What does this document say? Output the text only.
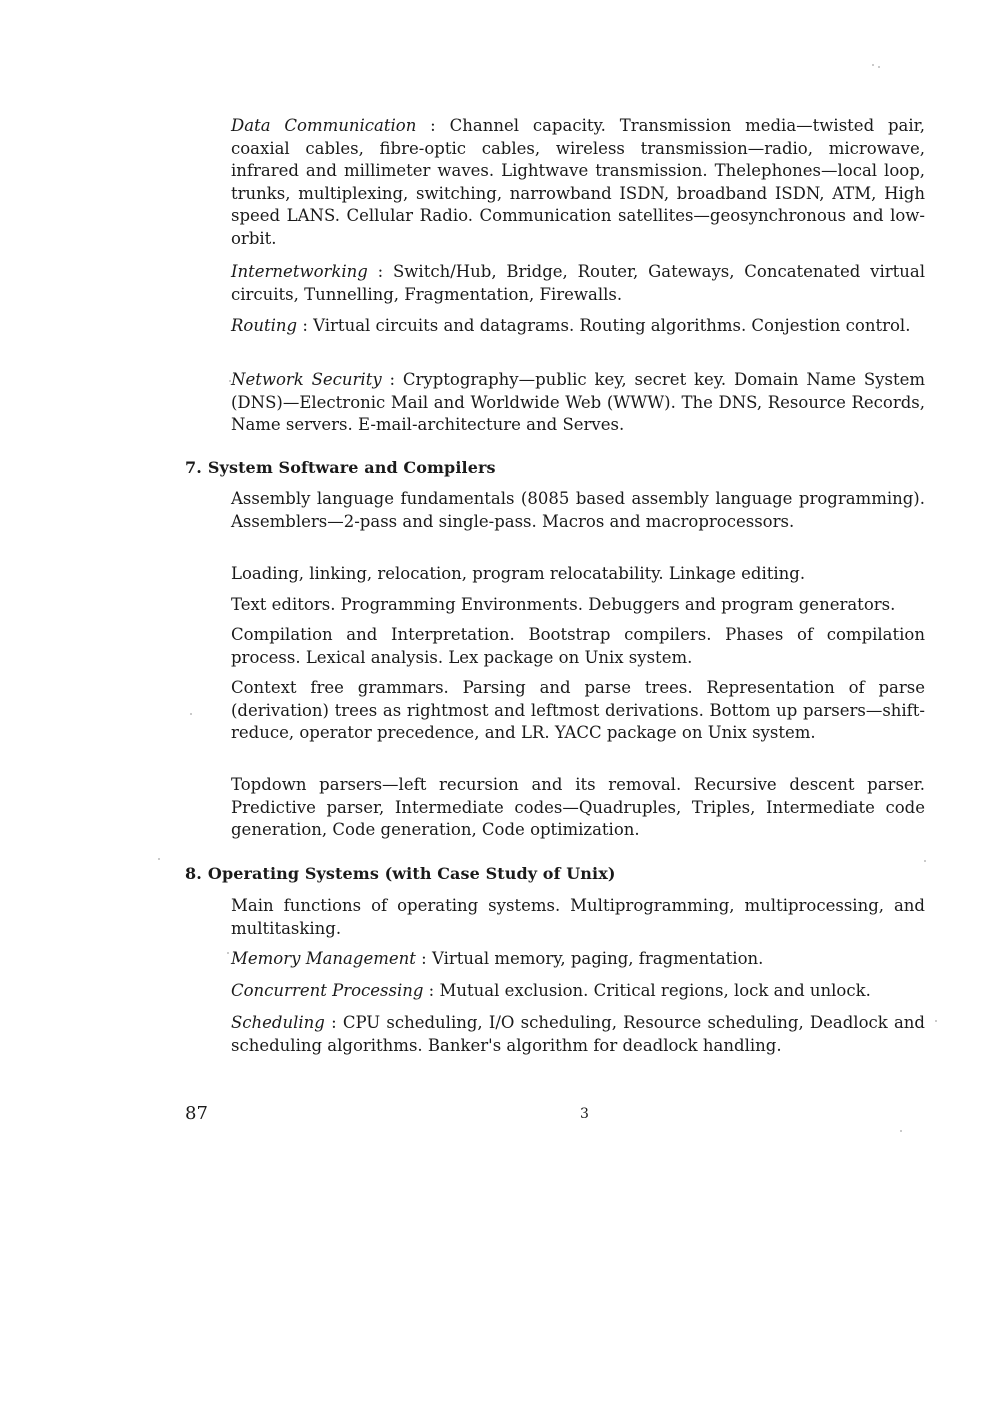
Data Communication : Channel capacity. Transmission media—twisted pair, coaxial cables, fibre-optic cables, wireless transmission—radio, microwave, infrared and millimeter waves. Lightwave transmission. Thelephones—local loop, trunks, multiplexing, switching, narrowband ISDN, broadband ISDN, ATM, High speed LANS. Cellular Radio. Communication satellites—geosynchronous and low-orbit.

Internetworking : Switch/Hub, Bridge, Router, Gateways, Concatenated virtual circuits, Tunnelling, Fragmentation, Firewalls.

Routing : Virtual circuits and datagrams. Routing algorithms. Conjestion control.

Network Security : Cryptography—public key, secret key. Domain Name System (DNS)—Electronic Mail and Worldwide Web (WWW). The DNS, Resource Records, Name servers. E-mail-architecture and Serves.

7. System Software and Compilers

Assembly language fundamentals (8085 based assembly language programming). Assemblers—2-pass and single-pass. Macros and macroprocessors.

Loading, linking, relocation, program relocatability. Linkage editing.

Text editors. Programming Environments. Debuggers and program generators.

Compilation and Interpretation. Bootstrap compilers. Phases of compilation process. Lexical analysis. Lex package on Unix system.

Context free grammars. Parsing and parse trees. Representation of parse (derivation) trees as rightmost and leftmost derivations. Bottom up parsers—shift-reduce, operator precedence, and LR. YACC package on Unix system.

Topdown parsers—left recursion and its removal. Recursive descent parser. Predictive parser, Intermediate codes—Quadruples, Triples, Intermediate code generation, Code generation, Code optimization.

8. Operating Systems (with Case Study of Unix)

Main functions of operating systems. Multiprogramming, multiprocessing, and multitasking.

Memory Management : Virtual memory, paging, fragmentation.

Concurrent Processing : Mutual exclusion. Critical regions, lock and unlock.

Scheduling : CPU scheduling, I/O scheduling, Resource scheduling, Deadlock and scheduling algorithms. Banker's algorithm for deadlock handling.

87	3
